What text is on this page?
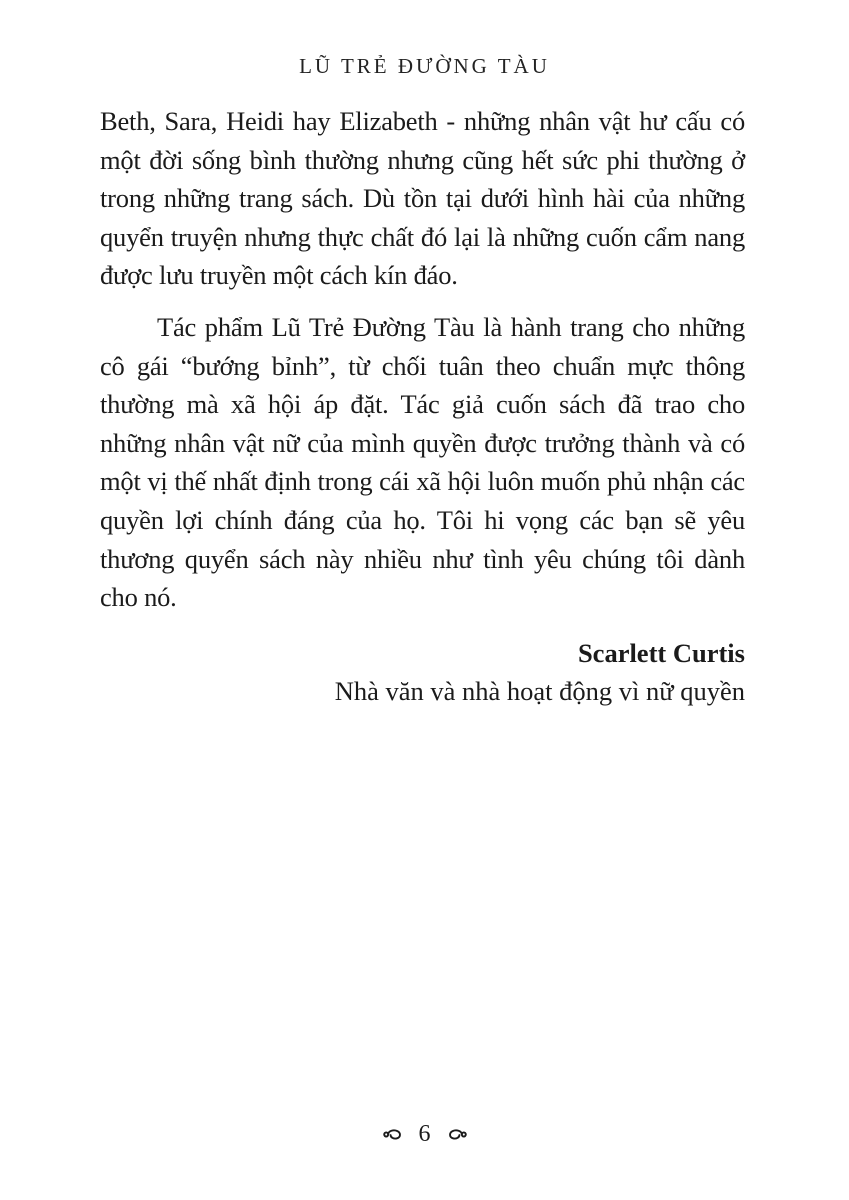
LŨ TRẺ ĐƯỜNG TÀU

Beth, Sara, Heidi hay Elizabeth - những nhân vật hư cấu có một đời sống bình thường nhưng cũng hết sức phi thường ở trong những trang sách. Dù tồn tại dưới hình hài của những quyển truyện nhưng thực chất đó lại là những cuốn cẩm nang được lưu truyền một cách kín đáo.

Tác phẩm Lũ Trẻ Đường Tàu là hành trang cho những cô gái “bướng bỉnh”, từ chối tuân theo chuẩn mực thông thường mà xã hội áp đặt. Tác giả cuốn sách đã trao cho những nhân vật nữ của mình quyền được trưởng thành và có một vị thế nhất định trong cái xã hội luôn muốn phủ nhận các quyền lợi chính đáng của họ. Tôi hi vọng các bạn sẽ yêu thương quyển sách này nhiều như tình yêu chúng tôi dành cho nó.

Scarlett Curtis
Nhà văn và nhà hoạt động vì nữ quyền
6
